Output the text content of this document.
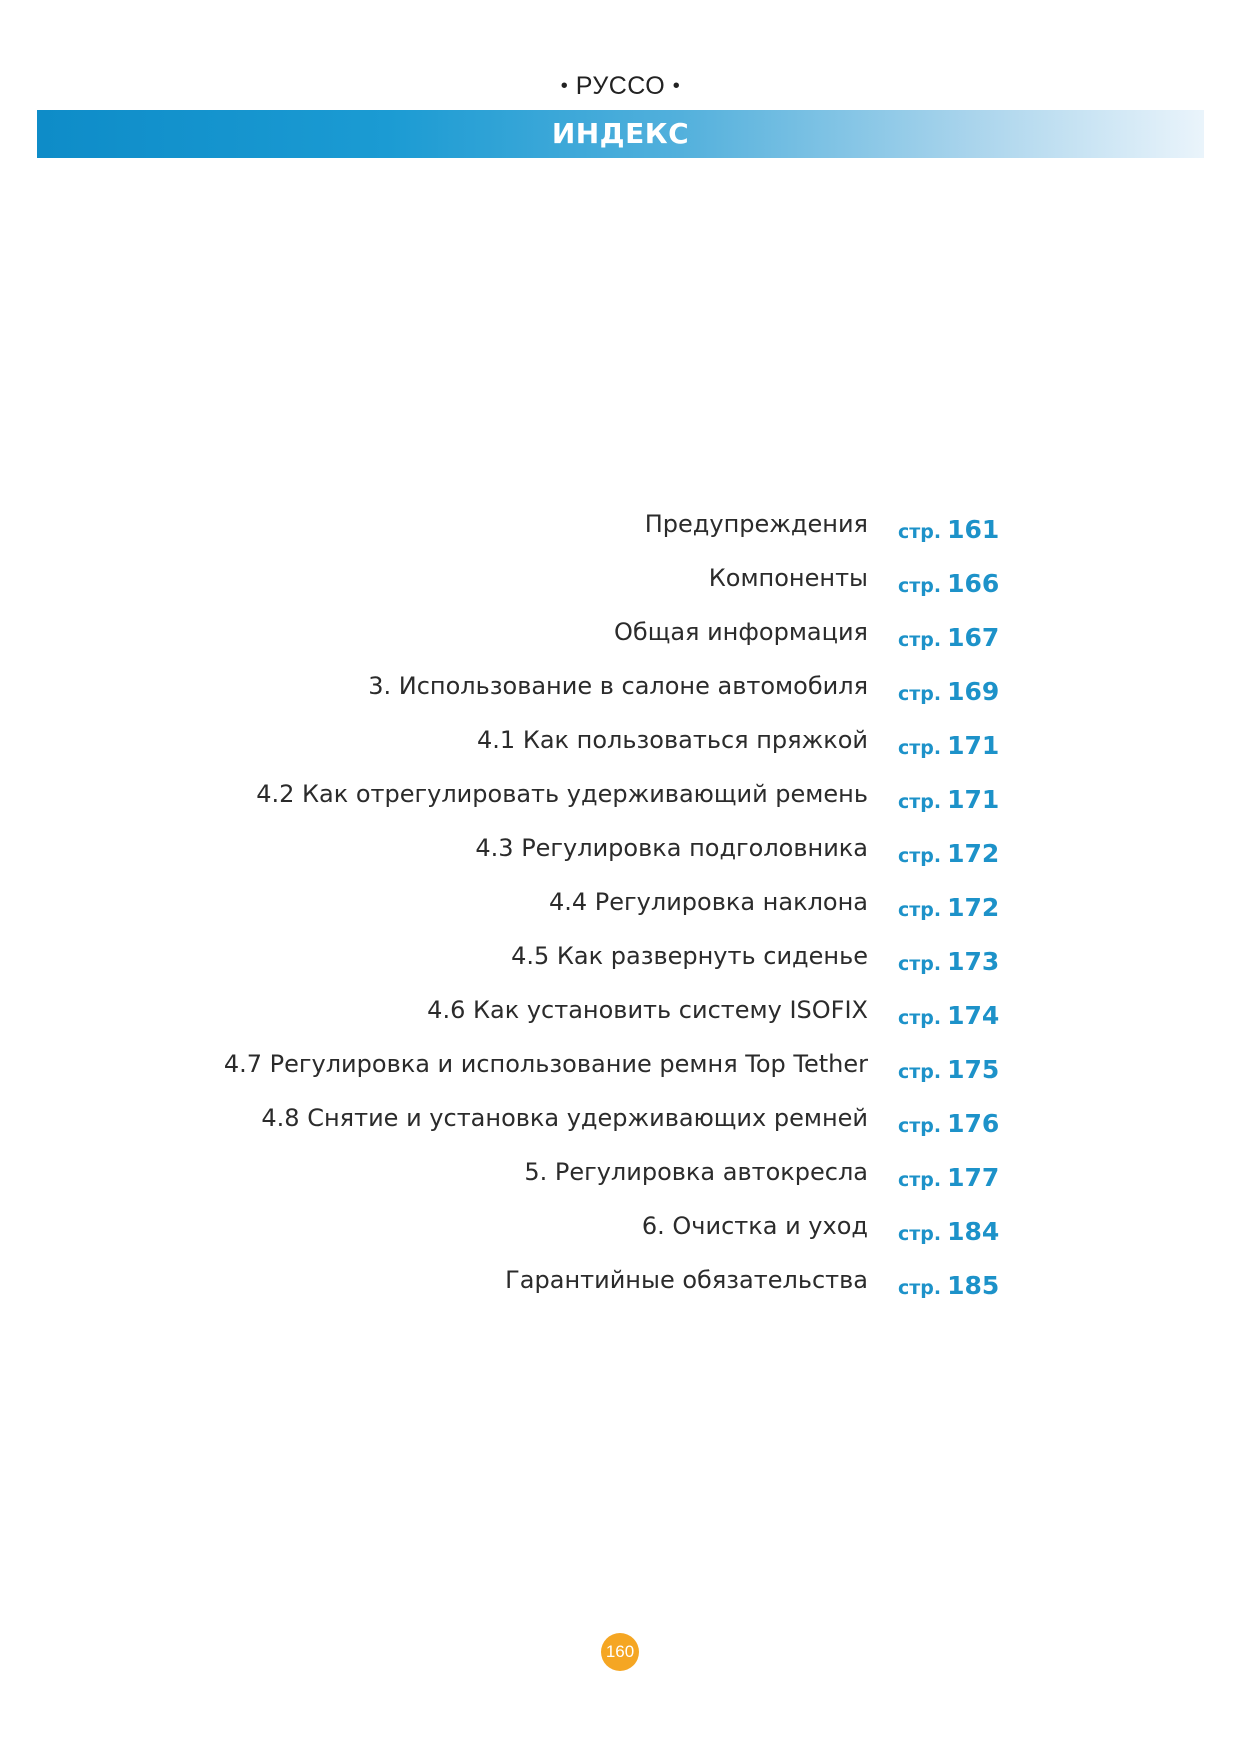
• РУССО •
ИНДЕКС
Предупреждения стр. 161
Компоненты стр. 166
Общая информация стр. 167
3. Использование в салоне автомобиля стр. 169
4.1 Как пользоваться пряжкой стр. 171
4.2 Как отрегулировать удерживающий ремень стр. 171
4.3 Регулировка подголовника стр. 172
4.4 Регулировка наклона стр. 172
4.5 Как развернуть сиденье стр. 173
4.6 Как установить систему ISOFIX стр. 174
4.7 Регулировка и использование ремня Top Tether стр. 175
4.8 Снятие и установка удерживающих ремней стр. 176
5. Регулировка автокресла стр. 177
6. Очистка и уход стр. 184
Гарантийные обязательства стр. 185
160
